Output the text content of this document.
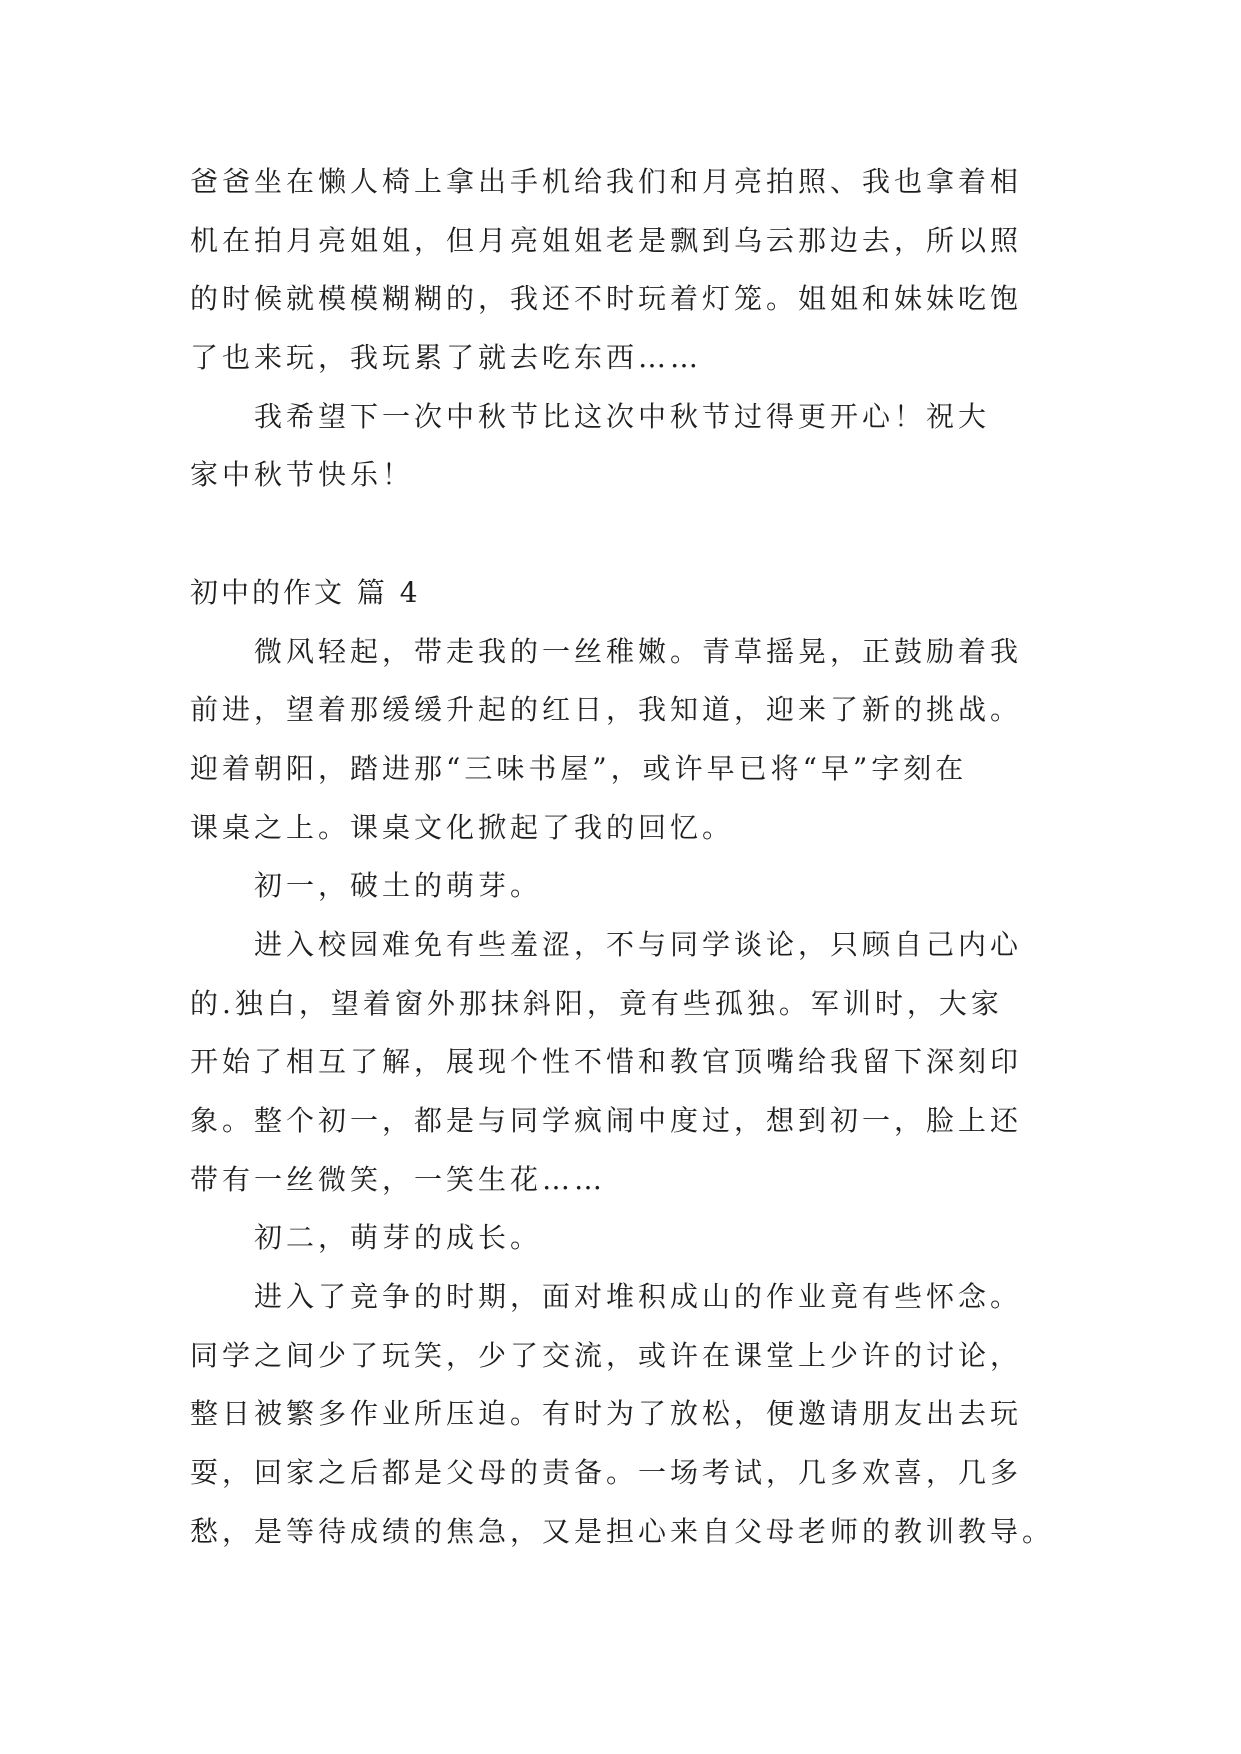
爸爸坐在懒人椅上拿出手机给我们和月亮拍照、我也拿着相
机在拍月亮姐姐，但月亮姐姐老是飘到乌云那边去，所以照
的时候就模模糊糊的，我还不时玩着灯笼。姐姐和妹妹吃饱
了也来玩，我玩累了就去吃东西……
我希望下一次中秋节比这次中秋节过得更开心！祝大
家中秋节快乐！
初中的作文 篇 4
微风轻起，带走我的一丝稚嫩。青草摇晃，正鼓励着我
前进，望着那缓缓升起的红日，我知道，迎来了新的挑战。
迎着朝阳，踏进那“三味书屋”，或许早已将“早”字刻在
课桌之上。课桌文化掀起了我的回忆。
初一，破土的萌芽。
进入校园难免有些羞涩，不与同学谈论，只顾自己内心
的.独白，望着窗外那抹斜阳，竟有些孤独。军训时，大家
开始了相互了解，展现个性不惜和教官顶嘴给我留下深刻印
象。整个初一，都是与同学疯闹中度过，想到初一，脸上还
带有一丝微笑，一笑生花……
初二，萌芽的成长。
进入了竞争的时期，面对堆积成山的作业竟有些怀念。
同学之间少了玩笑，少了交流，或许在课堂上少许的讨论，
整日被繁多作业所压迫。有时为了放松，便邀请朋友出去玩
耍，回家之后都是父母的责备。一场考试，几多欢喜，几多
愁，是等待成绩的焦急，又是担心来自父母老师的教训教导。
